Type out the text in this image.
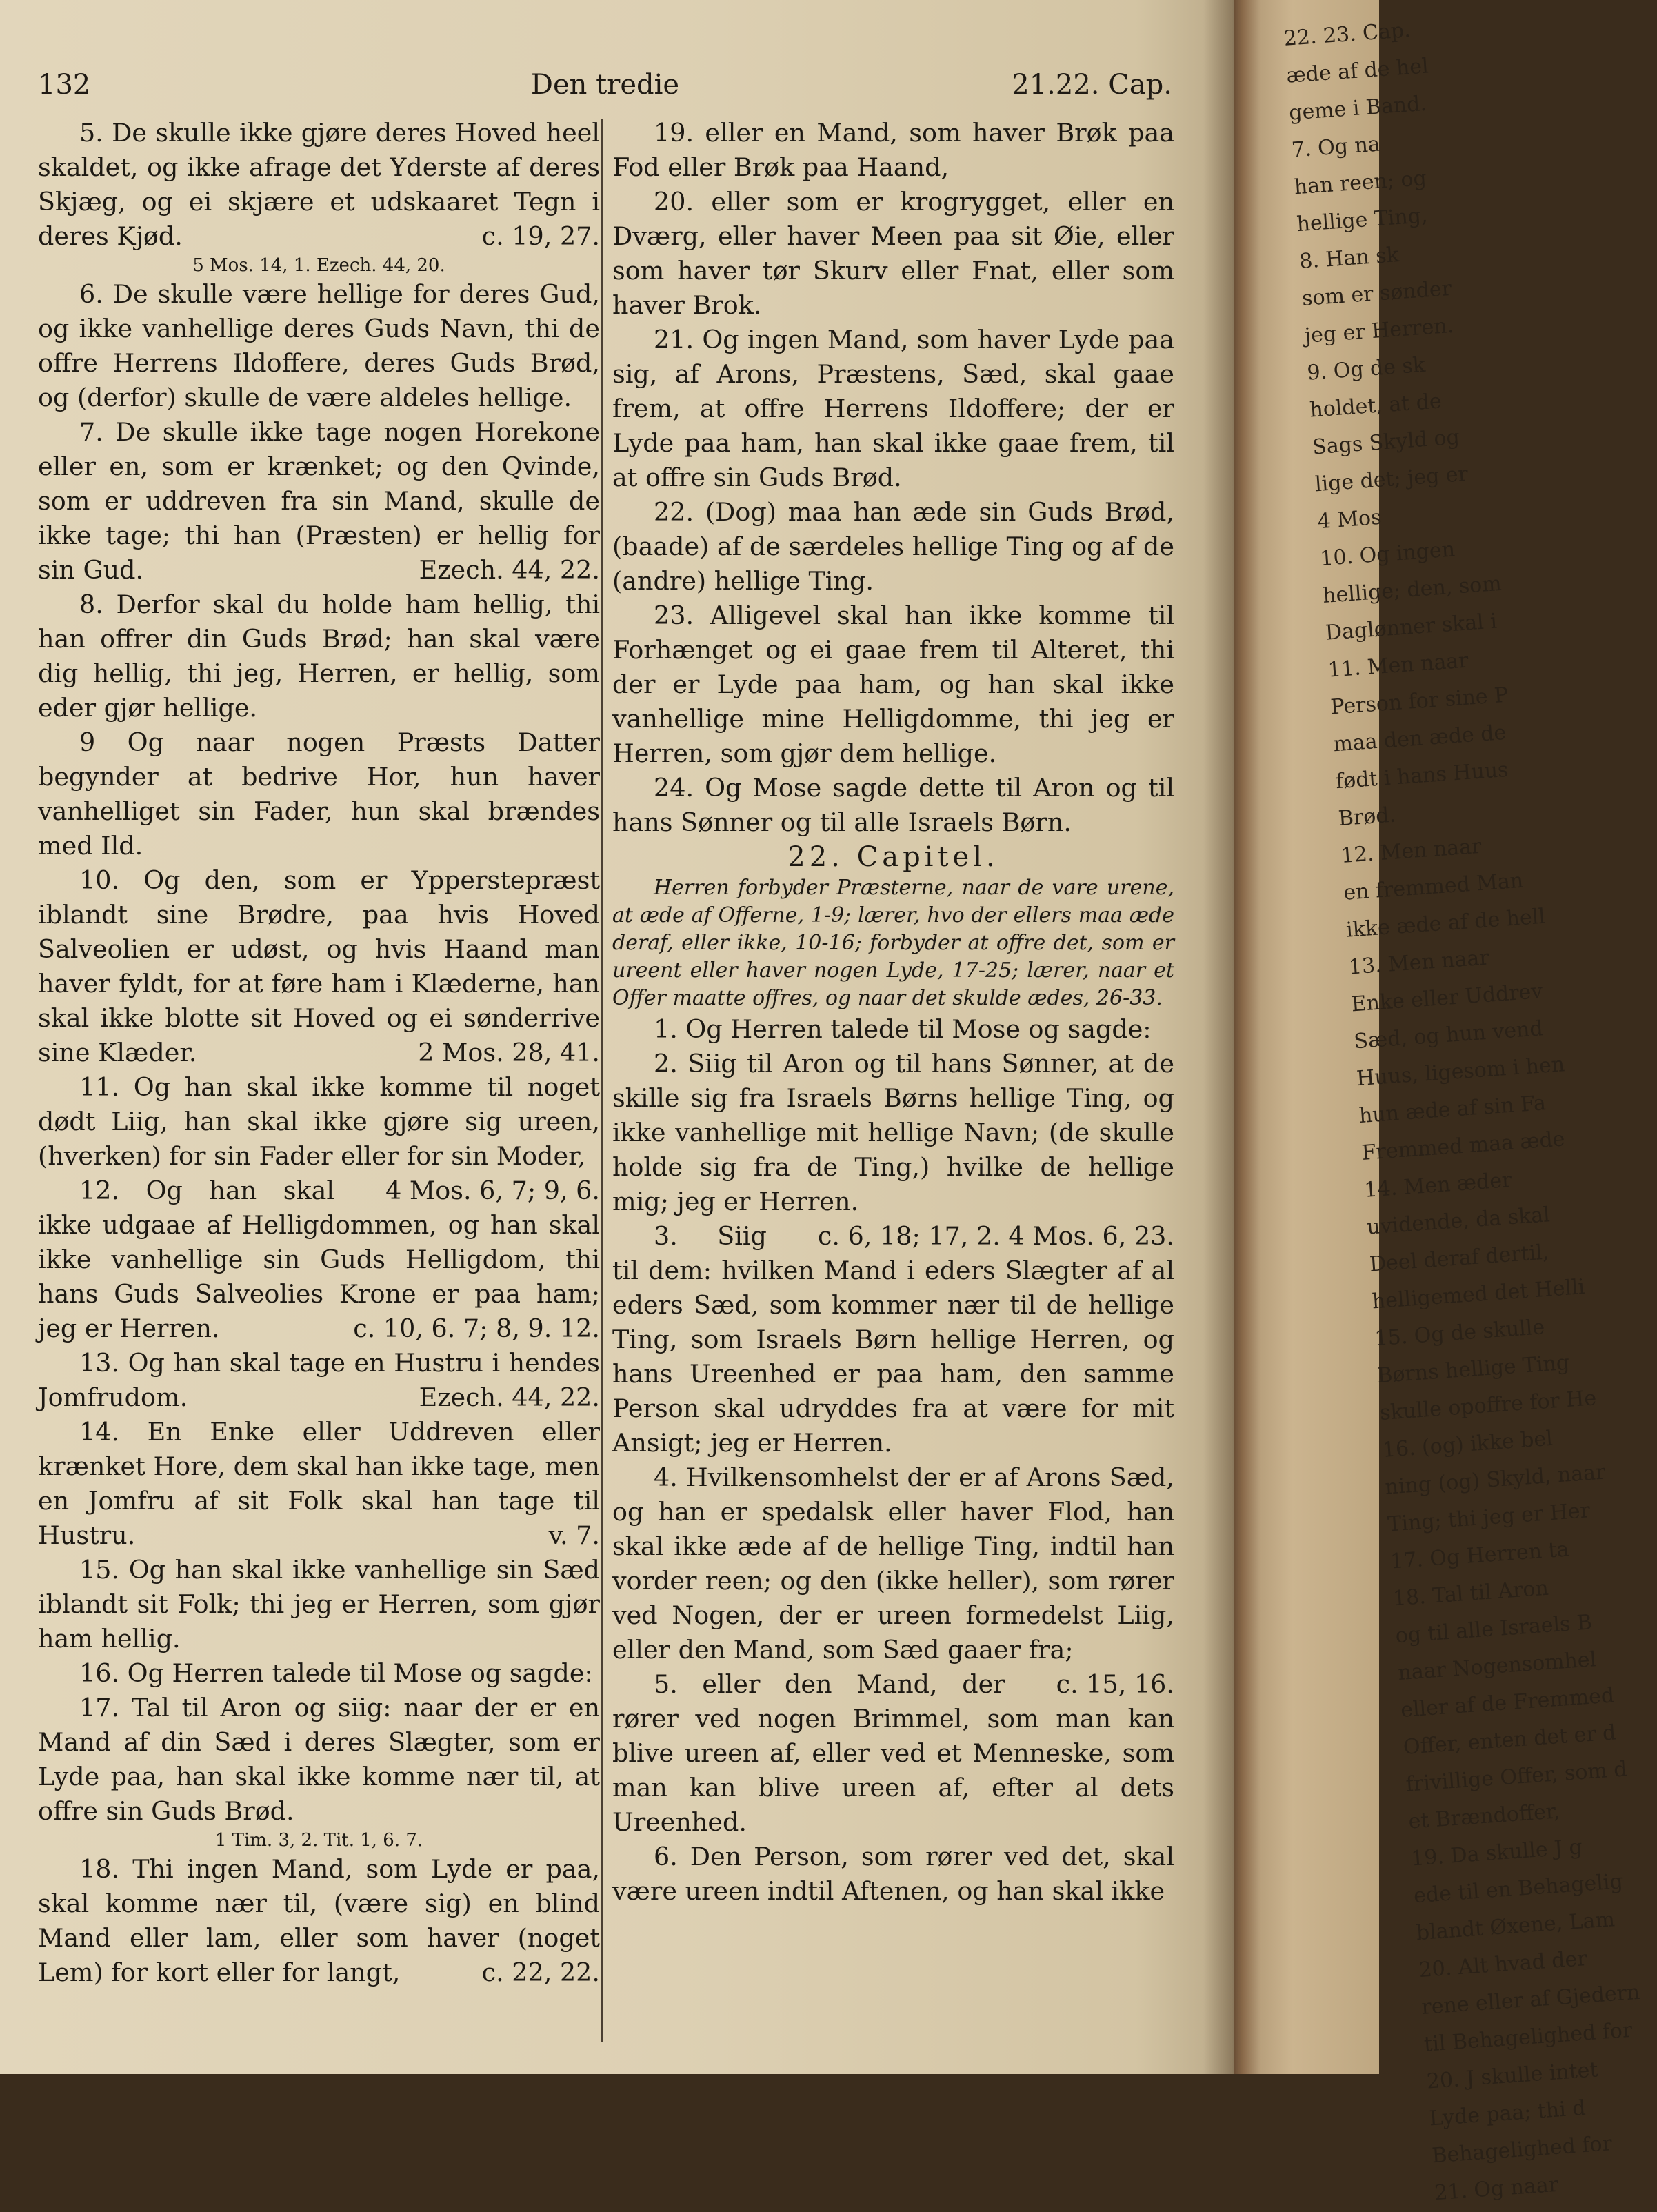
132	Den tredie	21.22. Cap.

5. De skulle ikke gjøre deres Hoved heel skaldet, og ikke afrage det Yderste af deres Skjæg, og ei skjære et udskaaret Tegn i deres Kjød.	c. 19, 27.

5 Mos. 14, 1. Ezech. 44, 20.

6. De skulle være hellige for deres Gud, og ikke vanhellige deres Guds Navn, thi de offre Herrens Ildoffere, deres Guds Brød, og (derfor) skulle de være aldeles hellige.

7. De skulle ikke tage nogen Horekone eller en, som er krænket; og den Qvinde, som er uddreven fra sin Mand, skulle de ikke tage; thi han (Præsten) er hellig for sin Gud.	Ezech. 44, 22.

8. Derfor skal du holde ham hellig, thi han offrer din Guds Brød; han skal være dig hellig, thi jeg, Herren, er hellig, som eder gjør hellige.

9 Og naar nogen Præsts Datter begynder at bedrive Hor, hun haver vanhelliget sin Fader, hun skal brændes med Ild.

10. Og den, som er Ypperstepræst iblandt sine Brødre, paa hvis Hoved Salveolien er udøst, og hvis Haand man haver fyldt, for at føre ham i Klæderne, han skal ikke blotte sit Hoved og ei sønderrive sine Klæder.	2 Mos. 28, 41.

11. Og han skal ikke komme til noget dødt Liig, han skal ikke gjøre sig ureen, (hverken) for sin Fader eller for sin Moder,
4 Mos. 6, 7; 9, 6.

12. Og han skal ikke udgaae af Helligdommen, og han skal ikke vanhellige sin Guds Helligdom, thi hans Guds Salveolies Krone er paa ham; jeg er Herren.	c. 10, 6. 7; 8, 9. 12.

13. Og han skal tage en Hustru i hendes Jomfrudom.	Ezech. 44, 22.

14. En Enke eller Uddreven eller krænket Hore, dem skal han ikke tage, men en Jomfru af sit Folk skal han tage til Hustru.	v. 7.

15. Og han skal ikke vanhellige sin Sæd iblandt sit Folk; thi jeg er Herren, som gjør ham hellig.

16. Og Herren talede til Mose og sagde:

17. Tal til Aron og siig: naar der er en Mand af din Sæd i deres Slægter, som er Lyde paa, han skal ikke komme nær til, at offre sin Guds Brød.

1 Tim. 3, 2. Tit. 1, 6. 7.

18. Thi ingen Mand, som Lyde er paa, skal komme nær til, (være sig) en blind Mand eller lam, eller som haver (noget Lem) for kort eller for langt,	c. 22, 22.

19. eller en Mand, som haver Brøk paa Fod eller Brøk paa Haand,

20. eller som er krogrygget, eller en Dværg, eller haver Meen paa sit Øie, eller som haver tør Skurv eller Fnat, eller som haver Brok.

21. Og ingen Mand, som haver Lyde paa sig, af Arons, Præstens, Sæd, skal gaae frem, at offre Herrens Ildoffere; der er Lyde paa ham, han skal ikke gaae frem, til at offre sin Guds Brød.

22. (Dog) maa han æde sin Guds Brød, (baade) af de særdeles hellige Ting og af de (andre) hellige Ting.

23. Alligevel skal han ikke komme til Forhænget og ei gaae frem til Alteret, thi der er Lyde paa ham, og han skal ikke vanhellige mine Helligdomme, thi jeg er Herren, som gjør dem hellige.

24. Og Mose sagde dette til Aron og til hans Sønner og til alle Israels Børn.

22. Capitel.

Herren forbyder Præsterne, naar de vare urene, at æde af Offerne, 1-9; lærer, hvo der ellers maa æde deraf, eller ikke, 10-16; forbyder at offre det, som er ureent eller haver nogen Lyde, 17-25; lærer, naar et Offer maatte offres, og naar det skulde ædes, 26-33.

1. Og Herren talede til Mose og sagde:

2. Siig til Aron og til hans Sønner, at de skille sig fra Israels Børns hellige Ting, og ikke vanhellige mit hellige Navn; (de skulle holde sig fra de Ting,) hvilke de hellige mig; jeg er Herren.
c. 6, 18; 17, 2. 4 Mos. 6, 23.

3. Siig til dem: hvilken Mand i eders Slægter af al eders Sæd, som kommer nær til de hellige Ting, som Israels Børn hellige Herren, og hans Ureenhed er paa ham, den samme Person skal udryddes fra at være for mit Ansigt; jeg er Herren.

4. Hvilkensomhelst der er af Arons Sæd, og han er spedalsk eller haver Flod, han skal ikke æde af de hellige Ting, indtil han vorder reen; og den (ikke heller), som rører ved Nogen, der er ureen formedelst Liig, eller den Mand, som Sæd gaaer fra;
c. 15, 16.

5. eller den Mand, der rører ved nogen Brimmel, som man kan blive ureen af, eller ved et Menneske, som man kan blive ureen af, efter al dets Ureenhed.

6. Den Person, som rører ved det, skal være ureen indtil Aftenen, og han skal ikke

22. 23. Cap.
æde af de hel
geme i Band.
7. Og na
han reen; og
hellige Ting,
8. Han sk
som er sønder
jeg er Herren.
9. Og de sk
holdet, at de
Sags Skyld og
lige det; jeg er
4 Mos
10. Og ingen
hellige; den, som
Daglønner skal i
11. Men naar
Person for sine P
maa den æde de
født i hans Huus
Brød.
12. Men naar
en fremmed Man
ikke æde af de hell
13. Men naar
Enke eller Uddrev
Sæd, og hun vend
Huus, ligesom i hen
hun æde af sin Fa
Fremmed maa æde
14. Men æder
uvidende, da skal
Deel deraf dertil,
helligemed det Helli
15. Og de skulle
Børns hellige Ting
skulle opoffre for He
16. (og) ikke bel
ning (og) Skyld, naar
Ting; thi jeg er Her
17. Og Herren ta
18. Tal til Aron
og til alle Israels B
naar Nogensomhel
eller af de Fremmed
Offer, enten det er d
frivillige Offer, som d
et Brændoffer,
19. Da skulle J g
ede til en Behagelig
blandt Øxene, Lam
20. Alt hvad der
rene eller af Gjedern
til Behagelighed for
20. J skulle intet
Lyde paa; thi d
Behagelighed for
21. Og naar
